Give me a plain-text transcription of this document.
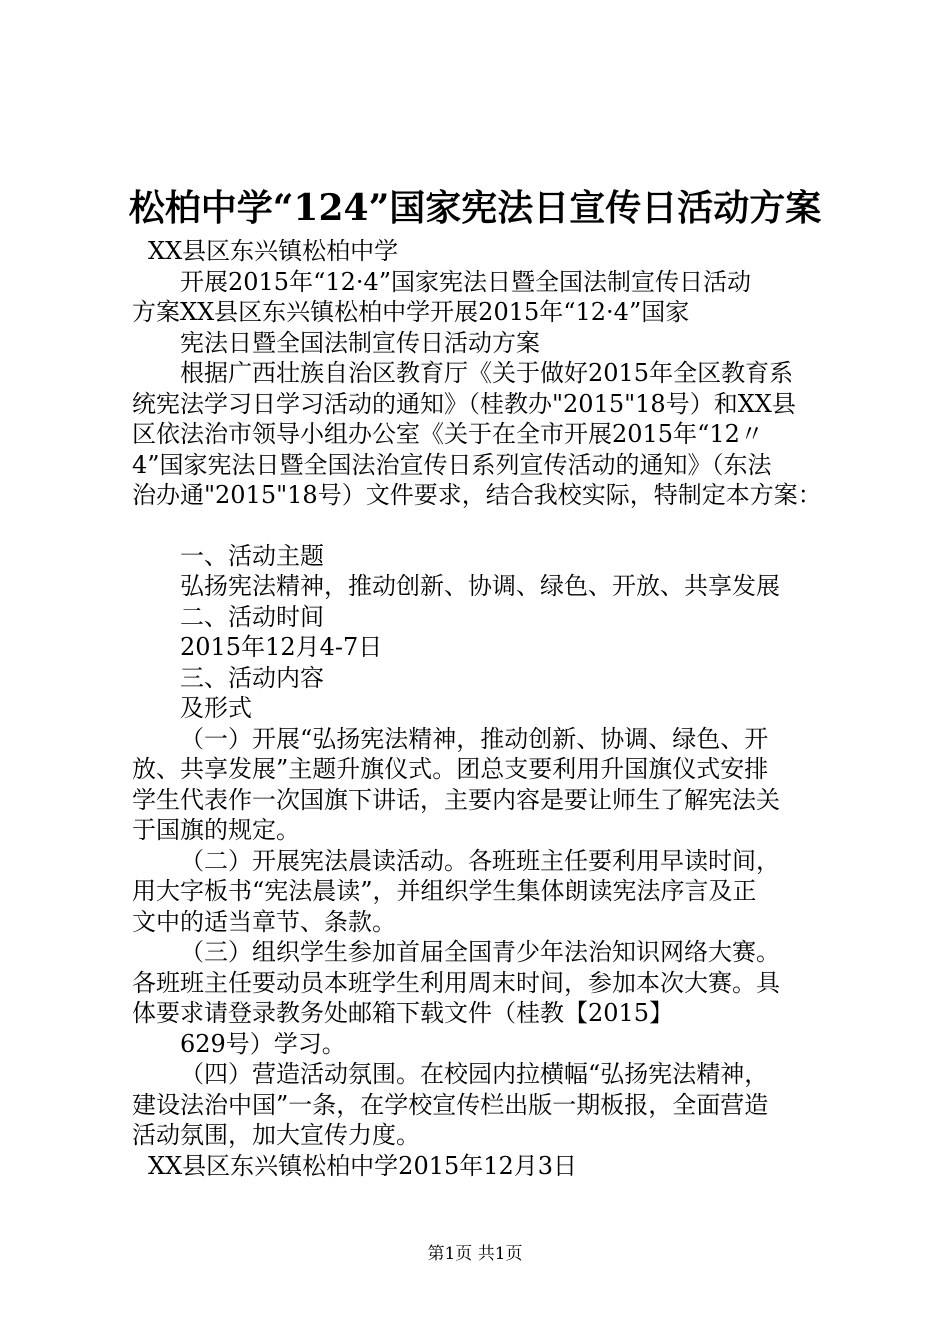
松柏中学“124”国家宪法日宣传日活动方案

XX县区东兴镇松柏中学

开展2015年“12·4”国家宪法日暨全国法制宣传日活动

方案XX县区东兴镇松柏中学开展2015年“12·4”国家

宪法日暨全国法制宣传日活动方案

根据广西壮族自治区教育厅《关于做好2015年全区教育系

统宪法学习日学习活动的通知》（桂教办"2015"18号）和XX县

区依法治市领导小组办公室《关于在全市开展2015年“12〃

4”国家宪法日暨全国法治宣传日系列宣传活动的通知》（东法

治办通"2015"18号）文件要求，结合我校实际，特制定本方案：

一、活动主题

弘扬宪法精神，推动创新、协调、绿色、开放、共享发展

二、活动时间

2015年12月4-7日

三、活动内容

及形式

（一）开展“弘扬宪法精神，推动创新、协调、绿色、开

放、共享发展”主题升旗仪式。团总支要利用升国旗仪式安排

学生代表作一次国旗下讲话，主要内容是要让师生了解宪法关

于国旗的规定。

（二）开展宪法晨读活动。各班班主任要利用早读时间，

用大字板书“宪法晨读”，并组织学生集体朗读宪法序言及正

文中的适当章节、条款。

（三）组织学生参加首届全国青少年法治知识网络大赛。

各班班主任要动员本班学生利用周末时间，参加本次大赛。具

体要求请登录教务处邮箱下载文件（桂教【2015】

629号）学习。

（四）营造活动氛围。在校园内拉横幅“弘扬宪法精神，

建设法治中国”一条，在学校宣传栏出版一期板报，全面营造

活动氛围，加大宣传力度。

XX县区东兴镇松柏中学2015年12月3日

第1页 共1页
